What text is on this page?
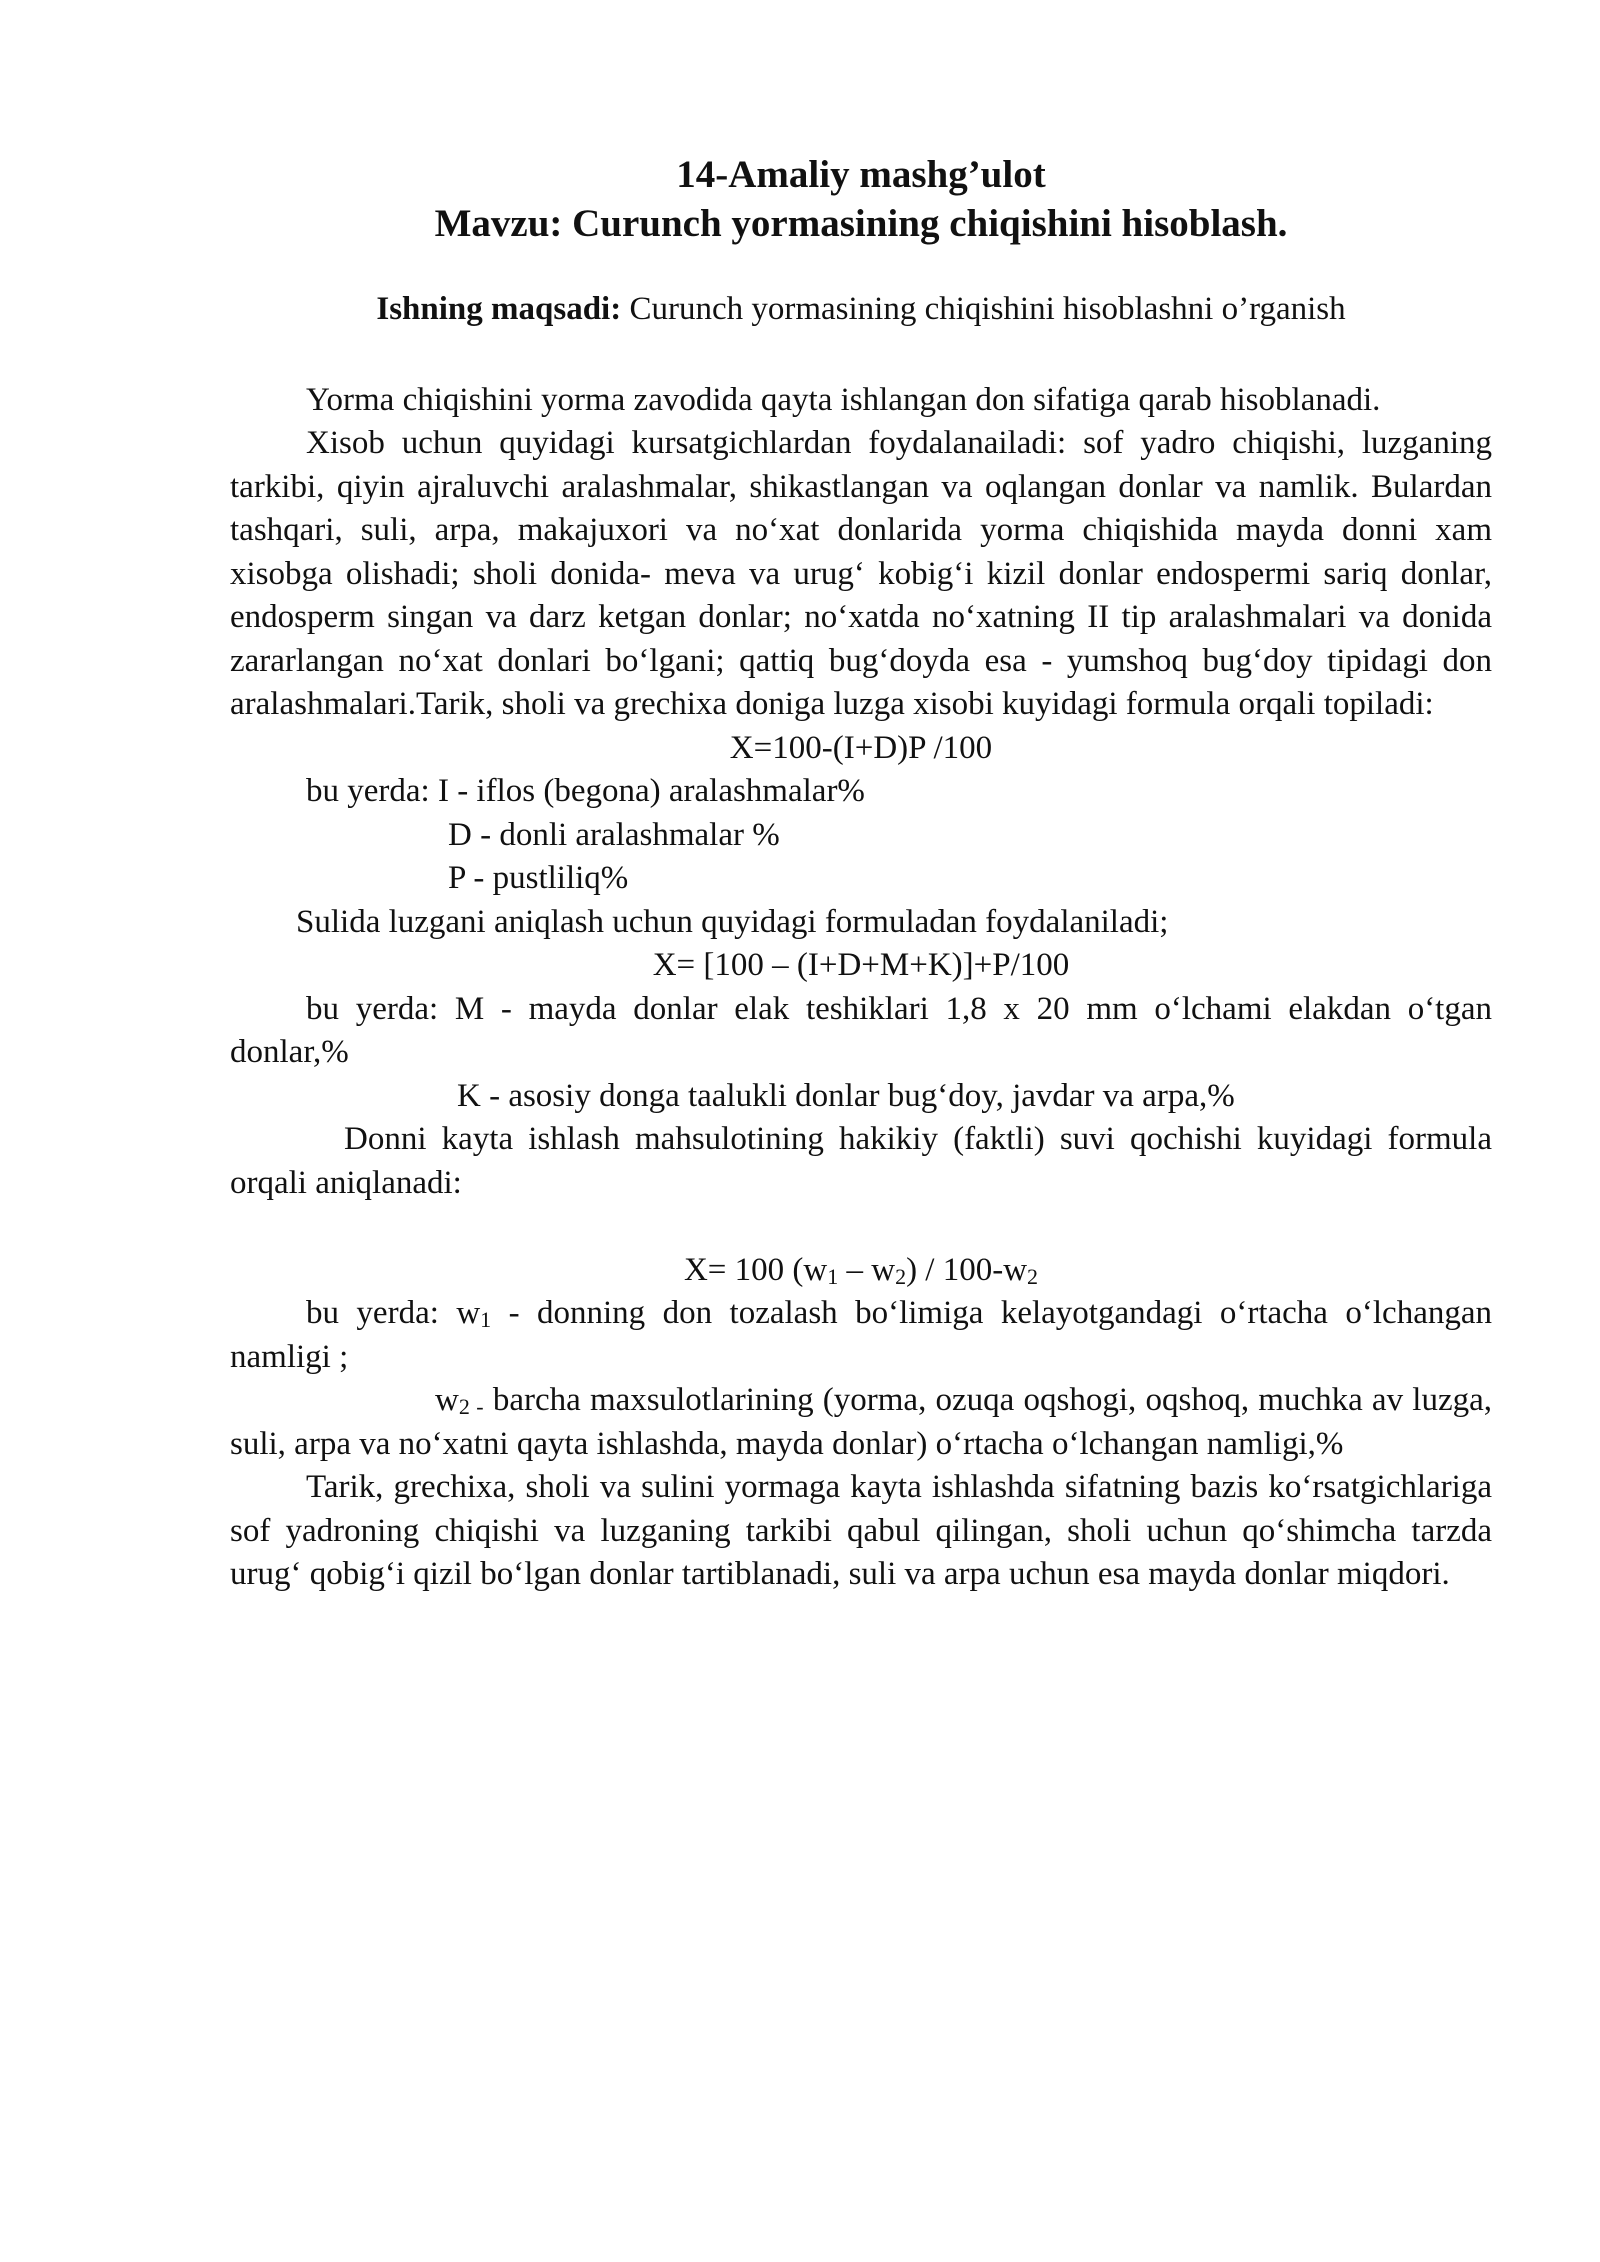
14-Amaliy mashg’ulot
Mavzu: Curunch yormasining chiqishini hisoblash.
Ishning maqsadi: Curunch yormasining chiqishini hisoblashni o’rganish

Yorma chiqishini yorma zavodida qayta ishlangan don sifatiga qarab hisoblanadi.

Xisob uchun quyidagi kursatgichlardan foydalanailadi: sof yadro chiqishi, luzganing tarkibi, qiyin ajraluvchi aralashmalar, shikastlangan va oqlangan donlar va namlik. Bulardan tashqari, suli, arpa, makajuxori va no‘xat donlarida yorma chiqishida mayda donni xam xisobga olishadi; sholi donida- meva va urug‘ kobig‘i kizil donlar endospermi sariq donlar, endosperm singan va darz ketgan donlar; no‘xatda no‘xatning II tip aralashmalari va donida zararlangan no‘xat donlari bo‘lgani; qattiq bug‘doyda esa - yumshoq bug‘doy tipidagi don aralashmalari.Tarik, sholi va grechixa doniga luzga xisobi kuyidagi formula orqali topiladi:

X=100-(I+D)P /100

bu yerda: I - iflos (begona) aralashmalar%

D - donli aralashmalar %

P - pustliliq%

Sulida luzgani aniqlash uchun quyidagi formuladan foydalaniladi;

X= [100 – (I+D+M+K)]+P/100

bu yerda: M - mayda donlar elak teshiklari 1,8 x 20 mm o‘lchami elakdan o‘tgan donlar,%

K - asosiy donga taalukli donlar bug‘doy, javdar va arpa,%

Donni kayta ishlash mahsulotining hakikiy (faktli) suvi qochishi kuyidagi formula orqali aniqlanadi:

X= 100 $(w_1 - w_2) / 100-w_2$

bu yerda: $w_1$ - donning don tozalash bo‘limiga kelayotgandagi o‘rtacha o‘lchangan namligi ;

$w_{2 -}$ barcha maxsulotlarining (yorma, ozuqa oqshogi, oqshoq, muchka av luzga, suli, arpa va no‘xatni qayta ishlashda, mayda donlar) o‘rtacha o‘lchangan namligi,%

Tarik, grechixa, sholi va sulini yormaga kayta ishlashda sifatning bazis ko‘rsatgichlariga sof yadroning chiqishi va luzganing tarkibi qabul qilingan, sholi uchun qo‘shimcha tarzda urug‘ qobig‘i qizil bo‘lgan donlar tartiblanadi, suli va arpa uchun esa mayda donlar miqdori.
